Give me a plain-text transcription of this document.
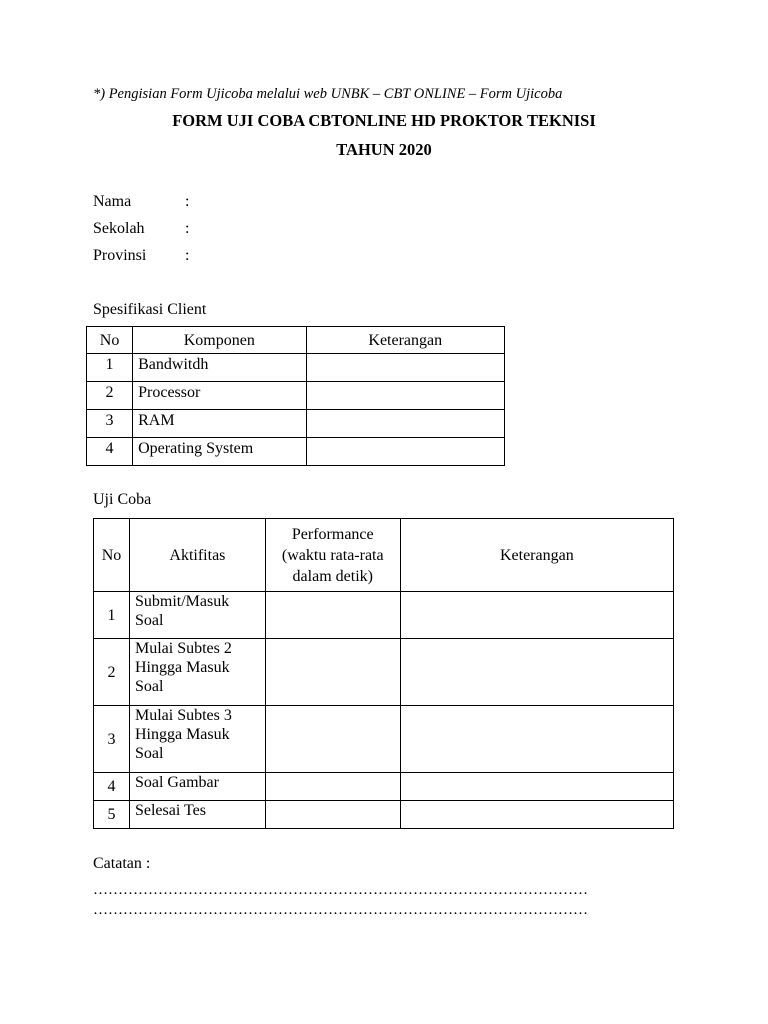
*) Pengisian Form Ujicoba melalui web UNBK – CBT ONLINE – Form Ujicoba
FORM UJI COBA CBTONLINE HD PROKTOR TEKNISI
TAHUN 2020
Nama	:
Sekolah	:
Provinsi :
Spesifikasi Client
No	Komponen	Keterangan
1	Bandwitdh	
2	Processor	
3	RAM	
4	Operating System	
Uji Coba
No	Aktifitas	Performance
(waktu rata-rata
dalam detik)	Keterangan
1	Submit/Masuk
Soal		

2	Mulai Subtes 2
Hingga Masuk
Soal		

3	Mulai Subtes 3
Hingga Masuk
Soal		

4	Soal Gambar		

5	Selesai Tes		

Catatan :
………………………………………………………………………………………
………………………………………………………………………………………
